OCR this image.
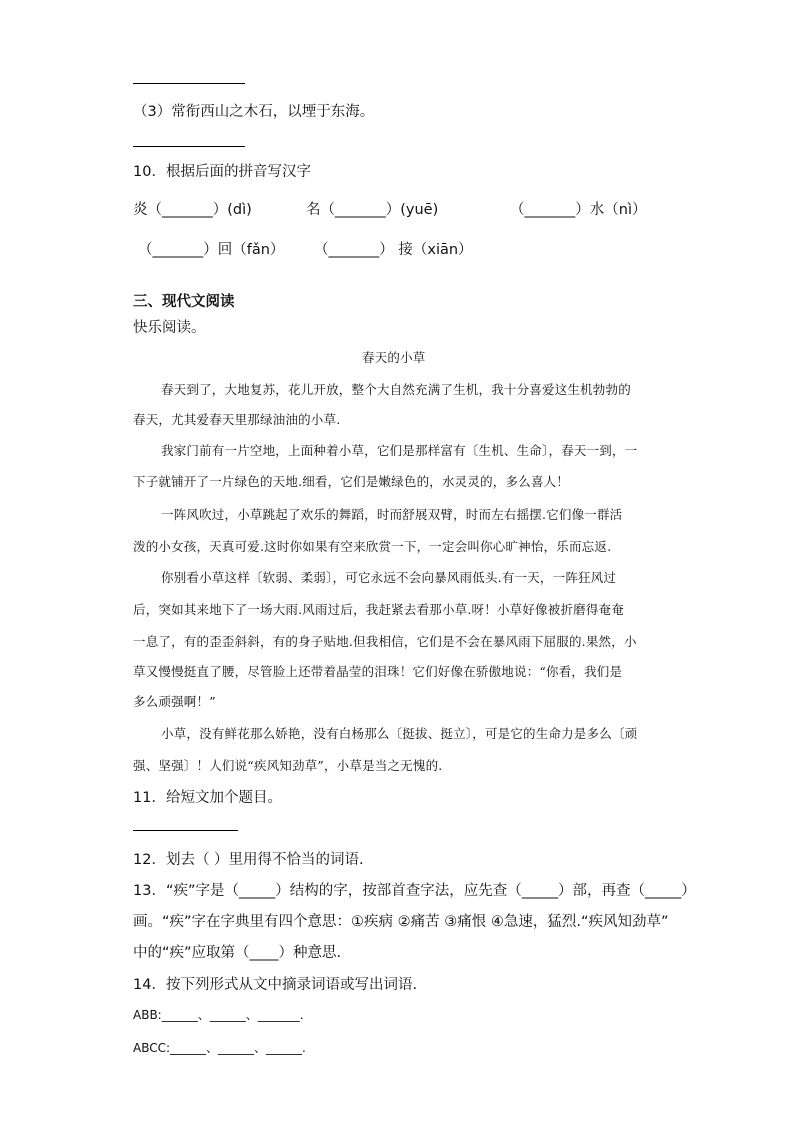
（3）常衔西山之木石，以堙于东海。
10．根据后面的拼音写汉字
炎（_______）(dì)	名（_______）(yuē)	（_______）水（nì）
（_______）回（fǎn） （_______） 接（xiān）
三、现代文阅读
快乐阅读。
春天的小草
春天到了，大地复苏，花儿开放，整个大自然充满了生机，我十分喜爱这生机勃勃的
春天，尤其爱春天里那绿油油的小草.
我家门前有一片空地，上面种着小草，它们是那样富有〔生机、生命〕，春天一到，一
下子就铺开了一片绿色的天地.细看，它们是嫩绿色的，水灵灵的，多么喜人！
一阵风吹过，小草跳起了欢乐的舞蹈，时而舒展双臂，时而左右摇摆.它们像一群活
泼的小女孩，天真可爱.这时你如果有空来欣赏一下，一定会叫你心旷神怡，乐而忘返.
你别看小草这样〔软弱、柔弱〕，可它永远不会向暴风雨低头.有一天，一阵狂风过
后，突如其来地下了一场大雨.风雨过后，我赶紧去看那小草.呀！小草好像被折磨得奄奄
一息了，有的歪歪斜斜，有的身子贴地.但我相信，它们是不会在暴风雨下屈服的.果然，小
草又慢慢挺直了腰，尽管脸上还带着晶莹的泪珠！它们好像在骄傲地说：“你看，我们是
多么顽强啊！”
小草，没有鲜花那么娇艳，没有白杨那么〔挺拔、挺立〕，可是它的生命力是多么〔顽
强、坚强〕！人们说“疾风知劲草”，小草是当之无愧的.
11．给短文加个题目。
12．划去（ ）里用得不恰当的词语.
13．“疾”字是（_____）结构的字，按部首查字法，应先查（_____）部，再查（_____）
画。“疾”字在字典里有四个意思：①疾病 ②痛苦 ③痛恨 ④急速，猛烈.“疾风知劲草”
中的“疾”应取第（____）种意思.
14．按下列形式从文中摘录词语或写出词语.
ABB:______、______、_______.
ABCC:______、______、______.
